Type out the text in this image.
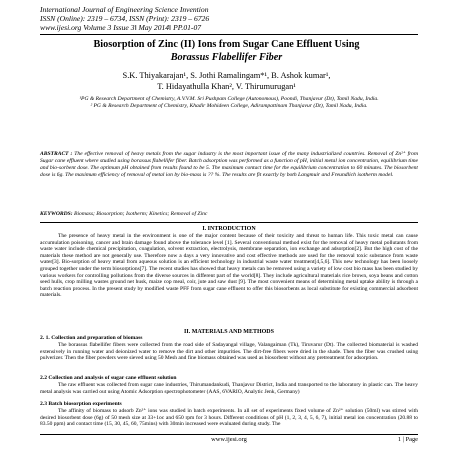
International Journal of Engineering Science Invention
ISSN (Online): 2319 – 6734, ISSN (Print): 2319 – 6726
www.ijesi.org Volume 3 Issue 3ǁ May 2014ǁ PP.01-07
Biosorption of Zinc (II) Ions from Sugar Cane Effluent Using
Borassus Flabellifer Fiber
S.K. Thiyakarajan¹, S. Jothi Ramalingam*¹, B. Ashok kumar¹,
T. Hidayathulla Khan², V. Thirumurugan¹
¹PG & Research Department of Chemistry, A.V.V.M. Sri Pushpam College (Autonomous), Poondi, Thanjavur (Dt), Tamil Nadu, India.
² PG & Research Department of Chemistry, Khadir Mohideen College, Adirampattinam Thanjavur (Dt), Tamil Nadu, India.
ABSTRACT : The effective removal of heavy metals from the sugar industry is the most important issue of the many industrialized countries. Removal of Zn²⁺ from Sugar cane effluent where studied using borassus flabellifer fiber. Batch adsorption was performed as a function of pH, initial metal ion concentration, equilibrium time and bio-sorbent dose. The optimum pH obtained from results found to be 5. The maximum contact time for the equilibrium concentration to 60 minutes. The biosorbent dose is 6g. The maximum efficiency of removal of metal ion by bio-mass is ?? %. The results are fit exactly by both Langmuir and Freundlich isotherm model.
KEYWORDS: Biomass; Biosorption; Isotherm; Kinetics; Removal of Zinc
I. INTRODUCTION
The presence of heavy metal in the environment is one of the major content because of their toxicity and threat to human life. This toxic metal can cause accumulation poisoning, cancer and brain damage found above the tolerance level [1]. Several conventional method exist for the removal of heavy metal pollutants from waste water include chemical precipitation, coagulation, solvent extraction, electrolysis, membrane separation, ion exchange and adsorption[2]. But the high cost of the materials these method are not generally use. Therefore now a days a very innovative and cost effective methods are used for the removal toxic substance from waste water[3]. Bio-sorption of heavy metal from aqueous solution is an efficient technology in industrial waste water treatment[4,5,6]. This new technology has been loosely grouped together under the term biosorptions[7]. The recent studies has showed that heavy metals can be removed using a variety of low cost bio mass has been studied by various workers for controlling pollutions from the diverse sources in different part of the world[8]. They include agricultural materials rice brown, soya beans and cotton seed hulls, crop milling wastes ground net husk, maize cop meal, coir, jute and saw dust [9]. The most convenient means of determining metal uptake ability is through a batch reaction process. In the present study by modified waste PFF from sugar cane effluent to offer this biosorbents as local substitute for existing commercial adsorbent materials.
II. MATERIALS AND METHODS
2. 1. Collection and preparation of biomass
The borassus flabellifer fibers were collected from the road side of Sadayangal village, Valangaiman (Tk), Tiruvarur (Dt). The collected biomaterial is washed extensively in running water and deionized water to remove the dirt and other impurities. The dirt-free fibers were dried in the shade. Then the fiber was crushed using pulverizer. Then the fiber powders were sieved using 50 Mesh and fine biomass obtained was used as biosorbent without any pretreatment for adsorption.
2.2 Collection and analysis of sugar cane effluent solution
The raw effluent was collected from sugar cane industries, Thirumandankudi, Thanjavur District, India and transported to the laboratory in plastic can. The heavy metal analysis was carried out using Atomic Adsorption spectrophotometer (AAS, 6VARIO, Analytic Jenk, Germany)
2.3 Batch biosorption experiments
The affinity of biomass to adsorb Zn²⁺ ions was studied in batch experiments. In all set of experiments fixed volume of Zn²⁺ solution (50ml) was stirred with desired biosorbent dose (6g) of 50 mesh size at 33+1oc and 650 rpm for 3 hours. Different conditions of pH (1, 2, 3, 4, 5, 6, 7), initial metal ion concentration (20.88 to 83.50 ppm) and contact time (15, 30, 45, 60, 75mins) with 30min increased were evaluated during study. The
www.ijesi.org	1 | Page
